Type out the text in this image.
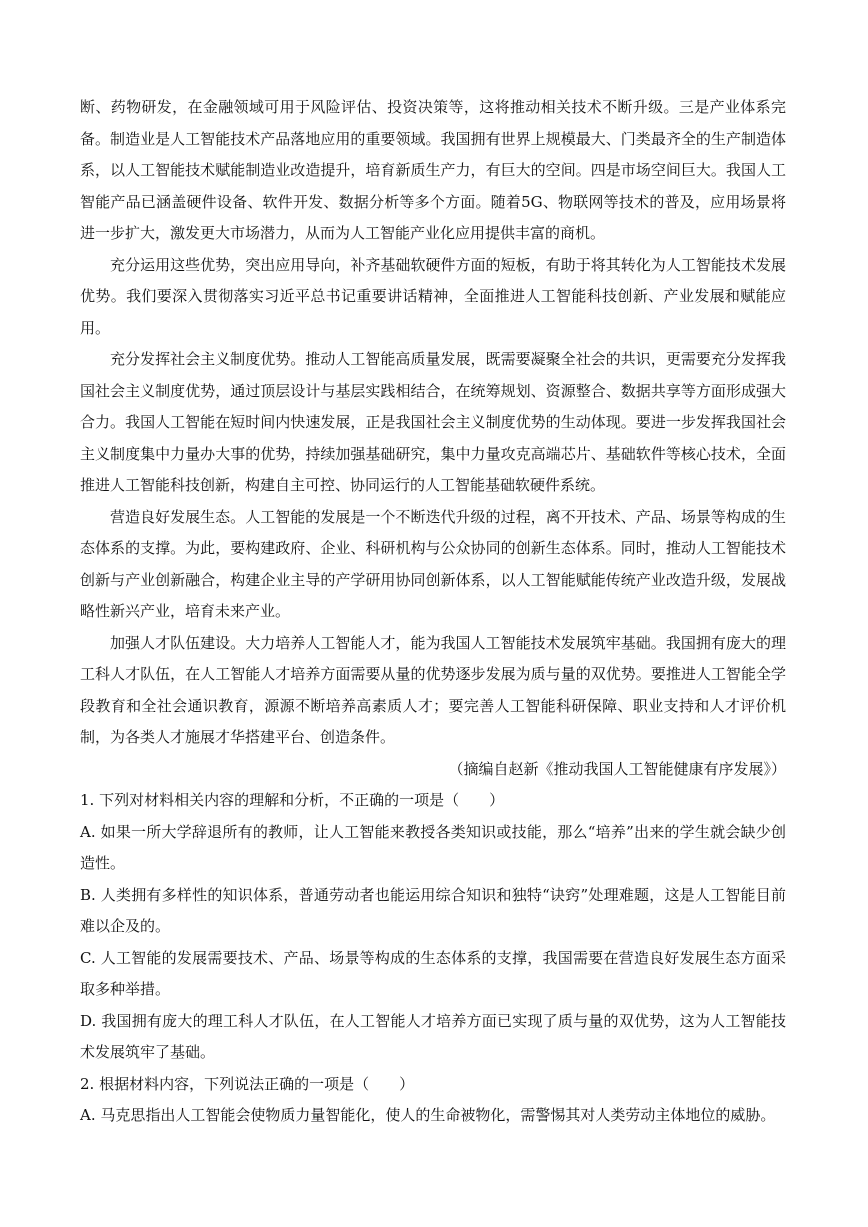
断、药物研发，在金融领域可用于风险评估、投资决策等，这将推动相关技术不断升级。三是产业体系完备。制造业是人工智能技术产品落地应用的重要领域。我国拥有世界上规模最大、门类最齐全的生产制造体系，以人工智能技术赋能制造业改造提升，培育新质生产力，有巨大的空间。四是市场空间巨大。我国人工智能产品已涵盖硬件设备、软件开发、数据分析等多个方面。随着5G、物联网等技术的普及，应用场景将进一步扩大，激发更大市场潜力，从而为人工智能产业化应用提供丰富的商机。

充分运用这些优势，突出应用导向，补齐基础软硬件方面的短板，有助于将其转化为人工智能技术发展优势。我们要深入贯彻落实习近平总书记重要讲话精神，全面推进人工智能科技创新、产业发展和赋能应用。

充分发挥社会主义制度优势。推动人工智能高质量发展，既需要凝聚全社会的共识，更需要充分发挥我国社会主义制度优势，通过顶层设计与基层实践相结合，在统筹规划、资源整合、数据共享等方面形成强大合力。我国人工智能在短时间内快速发展，正是我国社会主义制度优势的生动体现。要进一步发挥我国社会主义制度集中力量办大事的优势，持续加强基础研究，集中力量攻克高端芯片、基础软件等核心技术，全面推进人工智能科技创新，构建自主可控、协同运行的人工智能基础软硬件系统。

营造良好发展生态。人工智能的发展是一个不断迭代升级的过程，离不开技术、产品、场景等构成的生态体系的支撑。为此，要构建政府、企业、科研机构与公众协同的创新生态体系。同时，推动人工智能技术创新与产业创新融合，构建企业主导的产学研用协同创新体系，以人工智能赋能传统产业改造升级，发展战略性新兴产业，培育未来产业。

加强人才队伍建设。大力培养人工智能人才，能为我国人工智能技术发展筑牢基础。我国拥有庞大的理工科人才队伍，在人工智能人才培养方面需要从量的优势逐步发展为质与量的双优势。要推进人工智能全学段教育和全社会通识教育，源源不断培养高素质人才；要完善人工智能科研保障、职业支持和人才评价机制，为各类人才施展才华搭建平台、创造条件。

（摘编自赵新《推动我国人工智能健康有序发展》）

1. 下列对材料相关内容的理解和分析，不正确的一项是（　　）

A. 如果一所大学辞退所有的教师，让人工智能来教授各类知识或技能，那么“培养”出来的学生就会缺少创造性。

B. 人类拥有多样性的知识体系，普通劳动者也能运用综合知识和独特“诀窍”处理难题，这是人工智能目前难以企及的。

C. 人工智能的发展需要技术、产品、场景等构成的生态体系的支撑，我国需要在营造良好发展生态方面采取多种举措。

D. 我国拥有庞大的理工科人才队伍，在人工智能人才培养方面已实现了质与量的双优势，这为人工智能技术发展筑牢了基础。

2. 根据材料内容，下列说法正确的一项是（　　）

A. 马克思指出人工智能会使物质力量智能化，使人的生命被物化，需警惕其对人类劳动主体地位的威胁。
